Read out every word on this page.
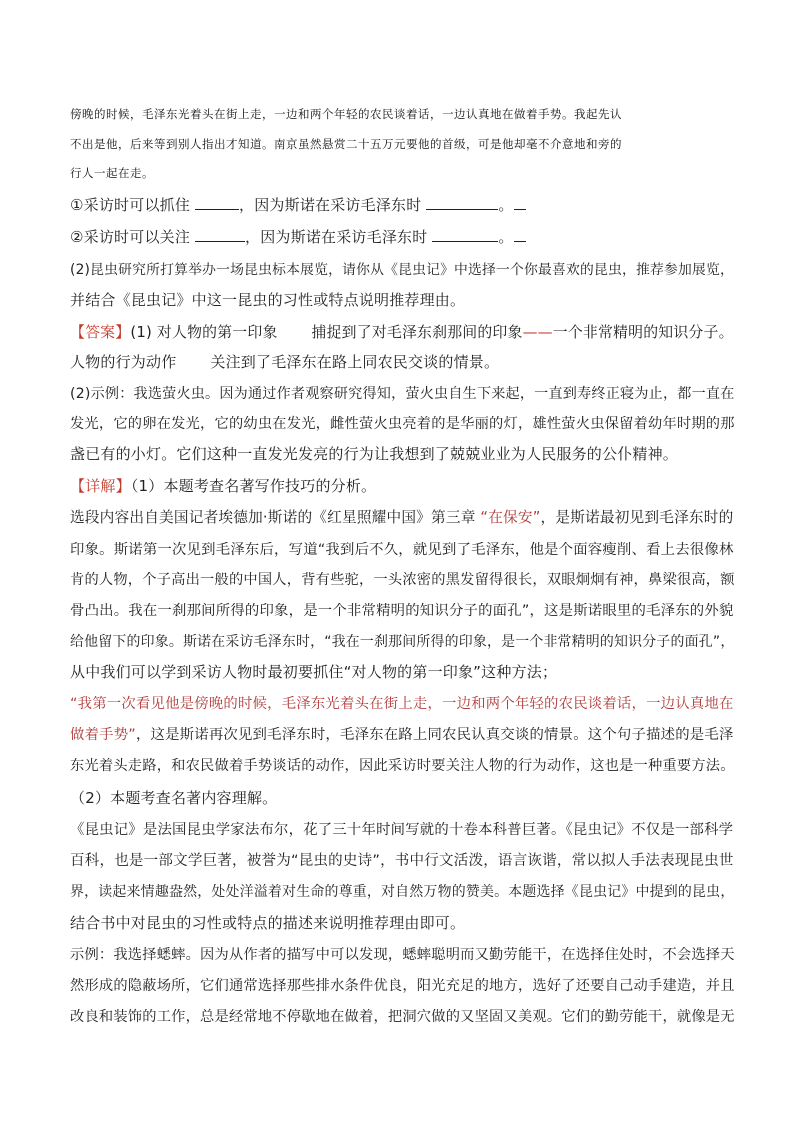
傍晚的时候，毛泽东光着头在街上走，一边和两个年轻的农民谈着话，一边认真地在做着手势。我起先认
不出是他，后来等到别人指出才知道。南京虽然悬赏二十五万元要他的首级，可是他却毫不介意地和旁的
行人一起在走。
①采访时可以抓住	，因为斯诺在采访毛泽东时	。
②采访时可以关注	，因为斯诺在采访毛泽东时	。
(2)昆虫研究所打算举办一场昆虫标本展览，请你从《昆虫记》中选择一个你最喜欢的昆虫，推荐参加展览，
并结合《昆虫记》中这一昆虫的习性或特点说明推荐理由。
【答案】(1) 对人物的第一印象 捕捉到了对毛泽东刹那间的印象——一个非常精明的知识分子。
人物的行为动作 关注到了毛泽东在路上同农民交谈的情景。
(2)示例：我选萤火虫。因为通过作者观察研究得知，萤火虫自生下来起，一直到寿终正寝为止，都一直在
发光，它的卵在发光，它的幼虫在发光，雌性萤火虫亮着的是华丽的灯，雄性萤火虫保留着幼年时期的那
盏已有的小灯。它们这种一直发光发亮的行为让我想到了兢兢业业为人民服务的公仆精神。
【详解】（1）本题考查名著写作技巧的分析。
选段内容出自美国记者埃德加·斯诺的《红星照耀中国》第三章 “在保安”，是斯诺最初见到毛泽东时的
印象。斯诺第一次见到毛泽东后，写道“我到后不久，就见到了毛泽东，他是个面容瘦削、看上去很像林
肯的人物，个子高出一般的中国人，背有些驼，一头浓密的黑发留得很长，双眼炯炯有神，鼻梁很高，额
骨凸出。我在一刹那间所得的印象，是一个非常精明的知识分子的面孔”，这是斯诺眼里的毛泽东的外貌
给他留下的印象。斯诺在采访毛泽东时，“我在一刹那间所得的印象，是一个非常精明的知识分子的面孔”，
从中我们可以学到采访人物时最初要抓住“对人物的第一印象”这种方法；
“我第一次看见他是傍晚的时候，毛泽东光着头在街上走，一边和两个年轻的农民谈着话，一边认真地在
做着手势”，这是斯诺再次见到毛泽东时，毛泽东在路上同农民认真交谈的情景。这个句子描述的是毛泽
东光着头走路，和农民做着手势谈话的动作，因此采访时要关注人物的行为动作，这也是一种重要方法。
（2）本题考查名著内容理解。
《昆虫记》是法国昆虫学家法布尔，花了三十年时间写就的十卷本科普巨著。《昆虫记》不仅是一部科学
百科，也是一部文学巨著，被誉为“昆虫的史诗”，书中行文活泼，语言诙谐，常以拟人手法表现昆虫世
界，读起来情趣盎然，处处洋溢着对生命的尊重，对自然万物的赞美。本题选择《昆虫记》中提到的昆虫，
结合书中对昆虫的习性或特点的描述来说明推荐理由即可。
示例：我选择蟋蟀。因为从作者的描写中可以发现，蟋蟀聪明而又勤劳能干，在选择住处时，不会选择天
然形成的隐蔽场所，它们通常选择那些排水条件优良，阳光充足的地方，选好了还要自己动手建造，并且
改良和装饰的工作，总是经常地不停歇地在做着，把洞穴做的又坚固又美观。它们的勤劳能干，就像是无
